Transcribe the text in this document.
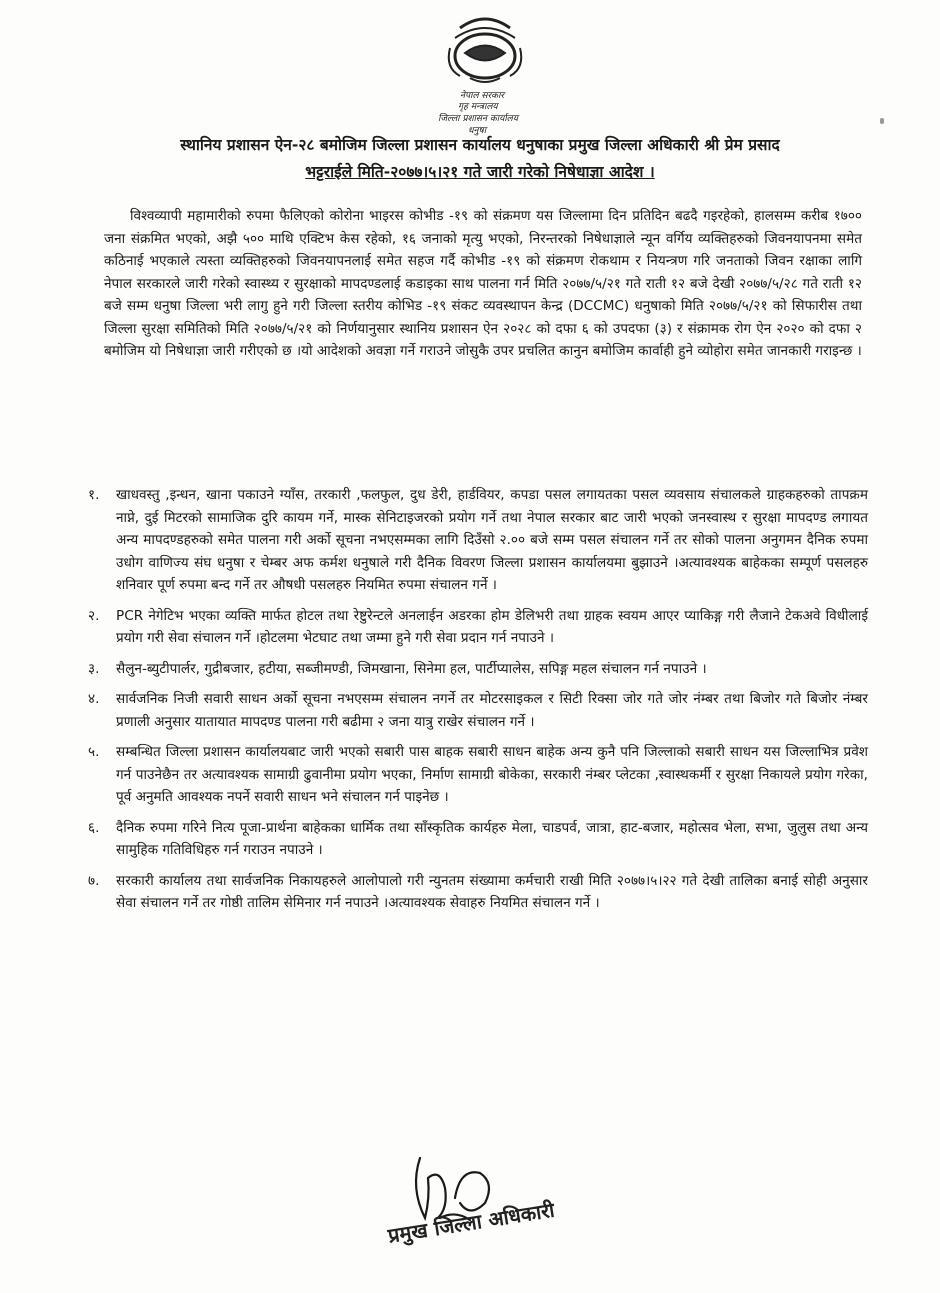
नेपाल सरकार
गृह मन्त्रालय
जिल्ला प्रशासन कार्यालय
धनुषा
स्थानिय प्रशासन ऐन-२८ बमोजिम जिल्ला प्रशासन कार्यालय धनुषाका प्रमुख जिल्ला अधिकारी श्री प्रेम प्रसाद
भट्टराईले मिति-२०७७।५।२१ गते जारी गरेको निषेधाज्ञा आदेश ।

विश्वव्यापी महामारीको रुपमा फैलिएको कोरोना भाइरस कोभीड -१९ को संक्रमण यस जिल्लामा दिन प्रतिदिन बढदै गइरहेको, हालसम्म करीब १७०० जना संक्रमित भएको, अझै ५०० माथि एक्टिभ केस रहेको, १६ जनाको मृत्यु भएको, निरन्तरको निषेधाज्ञाले न्यून वर्गिय व्यक्तिहरुको जिवनयापनमा समेत कठिनाई भएकाले त्यस्ता व्यक्तिहरुको जिवनयापनलाई समेत सहज गर्दै कोभीड -१९ को संक्रमण रोकथाम र नियन्त्रण गरि जनताको जिवन रक्षाका लागि नेपाल सरकारले जारी गरेको स्वास्थ्य र सुरक्षाको मापदण्डलाई कडाइका साथ पालना गर्न मिति २०७७/५/२१ गते राती १२ बजे देखी २०७७/५/२८ गते राती १२ बजे सम्म धनुषा जिल्ला भरी लागु हुने गरी जिल्ला स्तरीय कोभिड -१९ संकट व्यवस्थापन केन्द्र (DCCMC) धनुषाको मिति २०७७/५/२१ को सिफारीस तथा जिल्ला सुरक्षा समितिको मिति २०७७/५/२१ को निर्णयानुसार स्थानिय प्रशासन ऐन २०२८ को दफा ६ को उपदफा (३) र संक्रामक रोग ऐन २०२० को दफा २ बमोजिम यो निषेधाज्ञा जारी गरीएको छ ।यो आदेशको अवज्ञा गर्ने गराउने जोसुकै उपर प्रचलित कानुन बमोजिम कार्वाही हुने व्योहोरा समेत जानकारी गराइन्छ ।

१.	खाधवस्तु ,इन्धन, खाना पकाउने ग्याँस, तरकारी ,फलफुल, दुध डेरी, हार्डवियर, कपडा पसल लगायतका पसल व्यवसाय संचालकले ग्राहकहरुको तापक्रम नाप्ने, दुई मिटरको सामाजिक दुरि कायम गर्ने, मास्क सेनिटाइजरको प्रयोग गर्ने तथा नेपाल सरकार बाट जारी भएको जनस्वास्थ र सुरक्षा मापदण्ड लगायत अन्य मापदण्डहरुको समेत पालना गरी अर्को सूचना नभएसम्मका लागि दिउँसो २.०० बजे सम्म पसल संचालन गर्ने तर सोको पालना अनुगमन दैनिक रुपमा उधोग वाणिज्य संघ धनुषा र चेम्बर अफ कर्मश धनुषाले गरी दैनिक विवरण जिल्ला प्रशासन कार्यालयमा बुझाउने ।अत्यावश्यक बाहेकका सम्पूर्ण पसलहरु शनिवार पूर्ण रुपमा बन्द गर्ने तर औषधी पसलहरु नियमित रुपमा संचालन गर्ने ।
२.	PCR नेगेटिभ भएका व्यक्ति मार्फत होटल तथा रेष्टुरेन्टले अनलाईन अडरका होम डेलिभरी तथा ग्राहक स्वयम आएर प्याकिङ्ग गरी लैजाने टेकअवे विधीलाई प्रयोग गरी सेवा संचालन गर्ने ।होटलमा भेटघाट तथा जम्मा हुने गरी सेवा प्रदान गर्न नपाउने ।
३.	सैलुन-ब्युटीपार्लर, गुद्रीबजार, हटीया, सब्जीमण्डी, जिमखाना, सिनेमा हल, पार्टीप्यालेस, सपिङ्ग महल संचालन गर्न नपाउने ।
४.	सार्वजनिक निजी सवारी साधन अर्को सूचना नभएसम्म संचालन नगर्ने तर मोटरसाइकल र सिटी रिक्सा जोर गते जोर नंम्बर तथा बिजोर गते बिजोर नंम्बर प्रणाली अनुसार यातायात मापदण्ड पालना गरी बढीमा २ जना यात्रु राखेर संचालन गर्ने ।
५.	सम्बन्धित जिल्ला प्रशासन कार्यालयबाट जारी भएको सबारी पास बाहक सबारी साधन बाहेक अन्य कुनै पनि जिल्लाको सबारी साधन यस जिल्लाभित्र प्रवेश गर्न पाउनेछैन तर अत्यावश्यक सामाग्री ढुवानीमा प्रयोग भएका, निर्माण सामाग्री बोकेका, सरकारी नंम्बर प्लेटका ,स्वास्थकर्मी र सुरक्षा निकायले प्रयोग गरेका, पूर्व अनुमति आवश्यक नपर्ने सवारी साधन भने संचालन गर्न पाइनेछ ।
६.	दैनिक रुपमा गरिने नित्य पूजा-प्रार्थना बाहेकका धार्मिक तथा साँस्कृतिक कार्यहरु मेला, चाडपर्व, जात्रा, हाट-बजार, महोत्सव भेला, सभा, जुलुस तथा अन्य सामुहिक गतिविधिहरु गर्न गराउन नपाउने ।
७.	सरकारी कार्यालय तथा सार्वजनिक निकायहरुले आलोपालो गरी न्युनतम संख्यामा कर्मचारी राखी मिति २०७७।५।२२ गते देखी तालिका बनाई सोही अनुसार सेवा संचालन गर्ने तर गोष्ठी तालिम सेमिनार गर्न नपाउने ।अत्यावश्यक सेवाहरु नियमित संचालन गर्ने ।
प्रमुख जिल्ला अधिकारी
